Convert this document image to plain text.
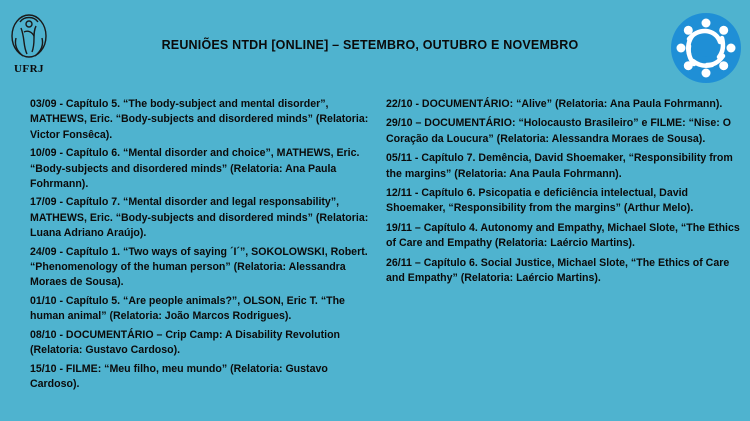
UFRJ
REUNIÕES NTDH [ONLINE] – SETEMBRO, OUTUBRO E NOVEMBRO
03/09 - Capítulo 5. “The body-subject and mental disorder”, MATHEWS, Eric. “Body-subjects and disordered minds” (Relatoria: Victor Fonsêca).
10/09 - Capítulo 6. “Mental disorder and choice”, MATHEWS, Eric. “Body-subjects and disordered minds” (Relatoria: Ana Paula Fohrmann).
17/09 - Capítulo 7. “Mental disorder and legal responsability”, MATHEWS, Eric. “Body-subjects and disordered minds” (Relatoria: Luana Adriano Araújo).
24/09 - Capítulo 1. “Two ways of saying ´I´”, SOKOLOWSKI, Robert. “Phenomenology of the human person” (Relatoria: Alessandra Moraes de Sousa).
01/10 - Capítulo 5. “Are people animals?”, OLSON, Eric T. “The human animal” (Relatoria: João Marcos Rodrigues).
08/10 - DOCUMENTÁRIO – Crip Camp: A Disability Revolution (Relatoria: Gustavo Cardoso).
15/10 - FILME: “Meu filho, meu mundo” (Relatoria: Gustavo Cardoso).
22/10 - DOCUMENTÁRIO: “Alive” (Relatoria: Ana Paula Fohrmann).
29/10 – DOCUMENTÁRIO: “Holocausto Brasileiro” e FILME: “Nise: O Coração da Loucura” (Relatoria: Alessandra Moraes de Sousa).
05/11 - Capítulo 7. Demência, David Shoemaker, “Responsibility from the margins” (Relatoria: Ana Paula Fohrmann).
12/11 - Capítulo 6. Psicopatia e deficiência intelectual, David Shoemaker, “Responsibility from the margins” (Arthur Melo).
19/11 – Capítulo 4. Autonomy and Empathy, Michael Slote, “The Ethics of Care and Empathy (Relatoria: Laércio Martins).
26/11 – Capítulo 6. Social Justice, Michael Slote, “The Ethics of Care and Empathy” (Relatoria: Laércio Martins).
